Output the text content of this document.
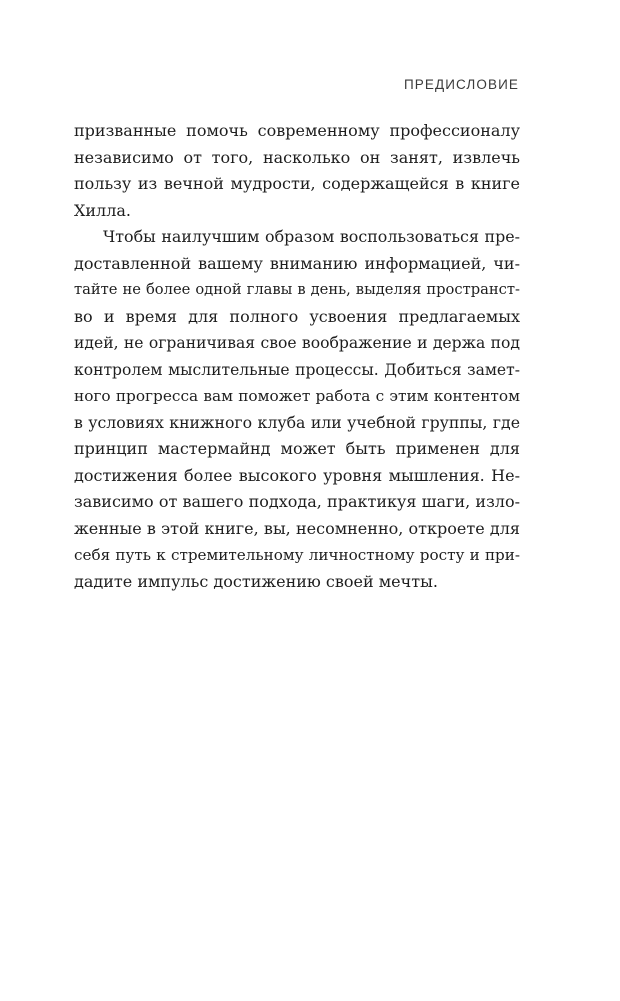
ПРЕДИСЛОВИЕ

призванные помочь современному профессионалу
независимо от того, насколько он занят, извлечь
пользу из вечной мудрости, содержащейся в книге
Хилла.

Чтобы наилучшим образом воспользоваться пре-
доставленной вашему вниманию информацией, чи-
тайте не более одной главы в день, выделяя пространст-
во и время для полного усвоения предлагаемых
идей, не ограничивая свое воображение и держа под
контролем мыслительные процессы. Добиться замет-
ного прогресса вам поможет работа с этим контентом
в условиях книжного клуба или учебной группы, где
принцип мастермайнд может быть применен для
достижения более высокого уровня мышления. Не-
зависимо от вашего подхода, практикуя шаги, изло-
женные в этой книге, вы, несомненно, откроете для
себя путь к стремительному личностному росту и при-
дадите импульс достижению своей мечты.
